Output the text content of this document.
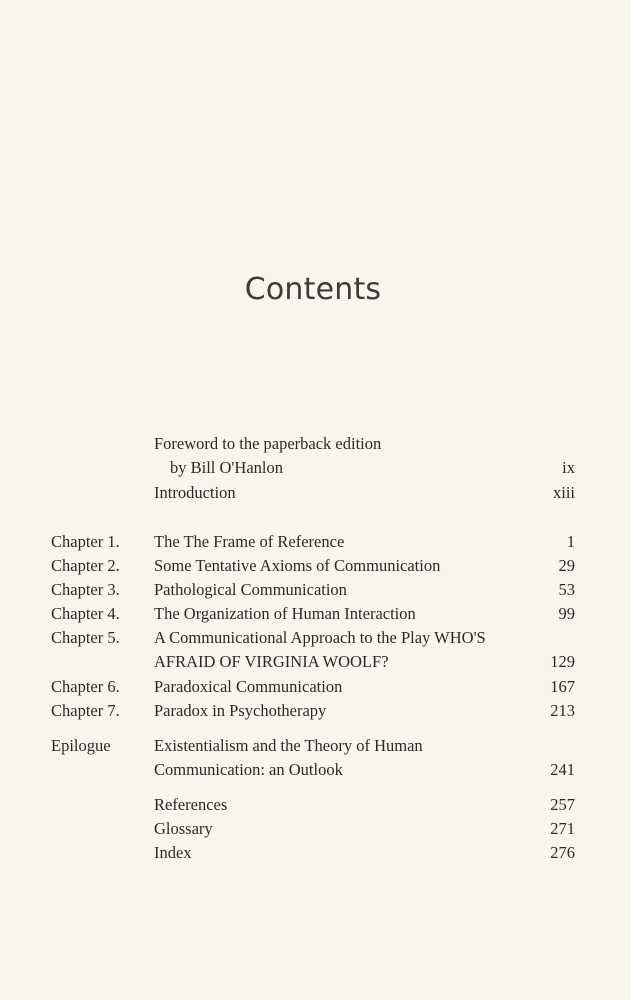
Contents
Foreword to the paperback edition
by Bill O'Hanlon	ix
Introduction	xiii
Chapter 1. The The Frame of Reference	1
Chapter 2. Some Tentative Axioms of Communication	29
Chapter 3. Pathological Communication	53
Chapter 4. The Organization of Human Interaction	99
Chapter 5. A Communicational Approach to the Play WHO'S
AFRAID OF VIRGINIA WOOLF?	129
Chapter 6. Paradoxical Communication	167
Chapter 7. Paradox in Psychotherapy	213
Epilogue	Existentialism and the Theory of Human
Communication: an Outlook	241
References	257
Glossary	271
Index	276
